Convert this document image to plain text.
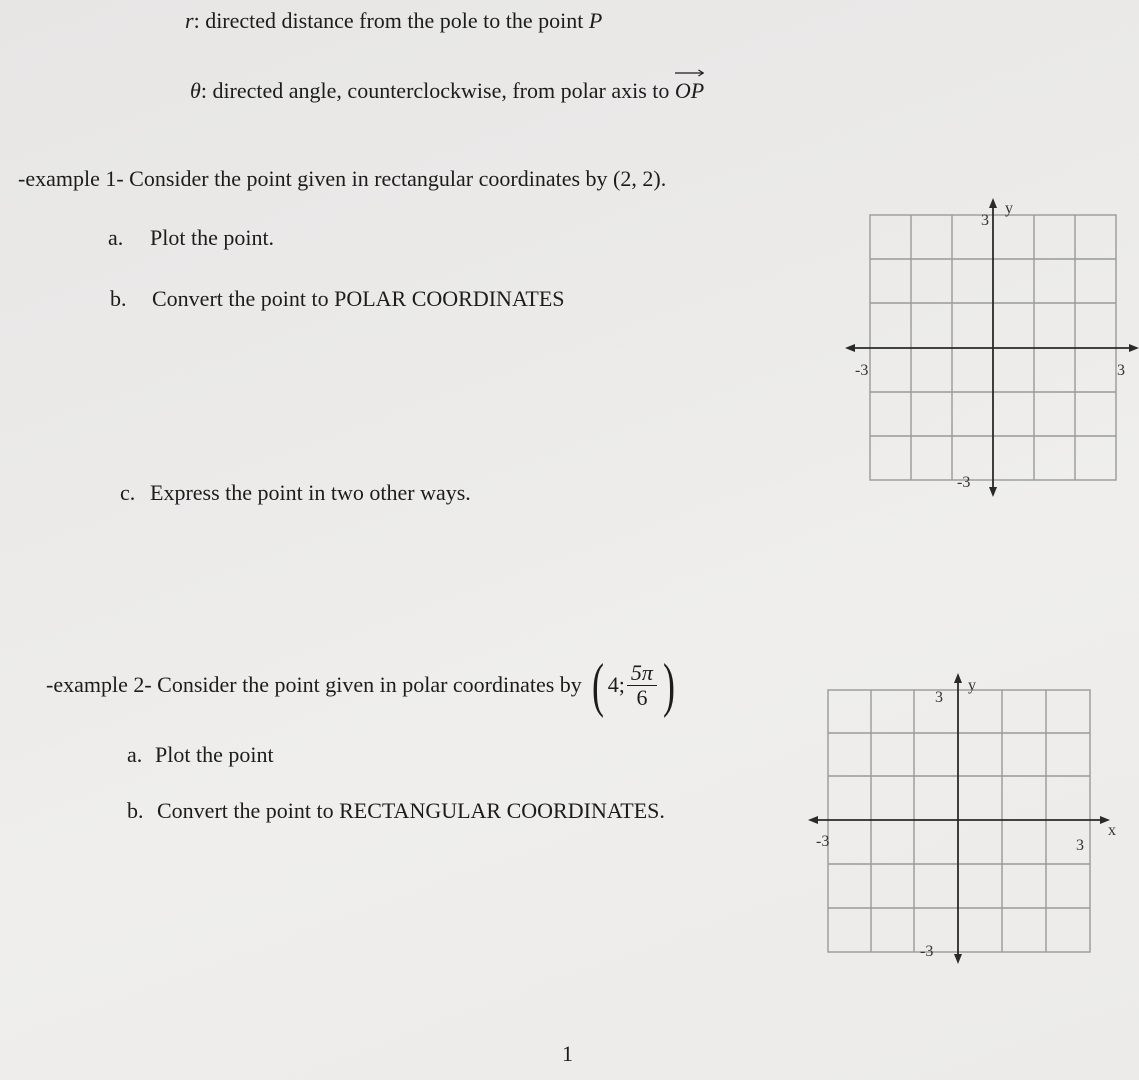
r: directed distance from the pole to the point P
θ: directed angle, counterclockwise, from polar axis to OP
-example 1- Consider the point given in rectangular coordinates by (2, 2).
a. Plot the point.
b. Convert the point to POLAR COORDINATES
c. Express the point in two other ways.
3
y
-3
-3	3
-example 2- Consider the point given in polar coordinates by ( 4; $\frac{5\pi}{6}$ )
a. Plot the point
b. Convert the point to RECTANGULAR COORDINATES.
3
y
-3
-3	3
x
1
